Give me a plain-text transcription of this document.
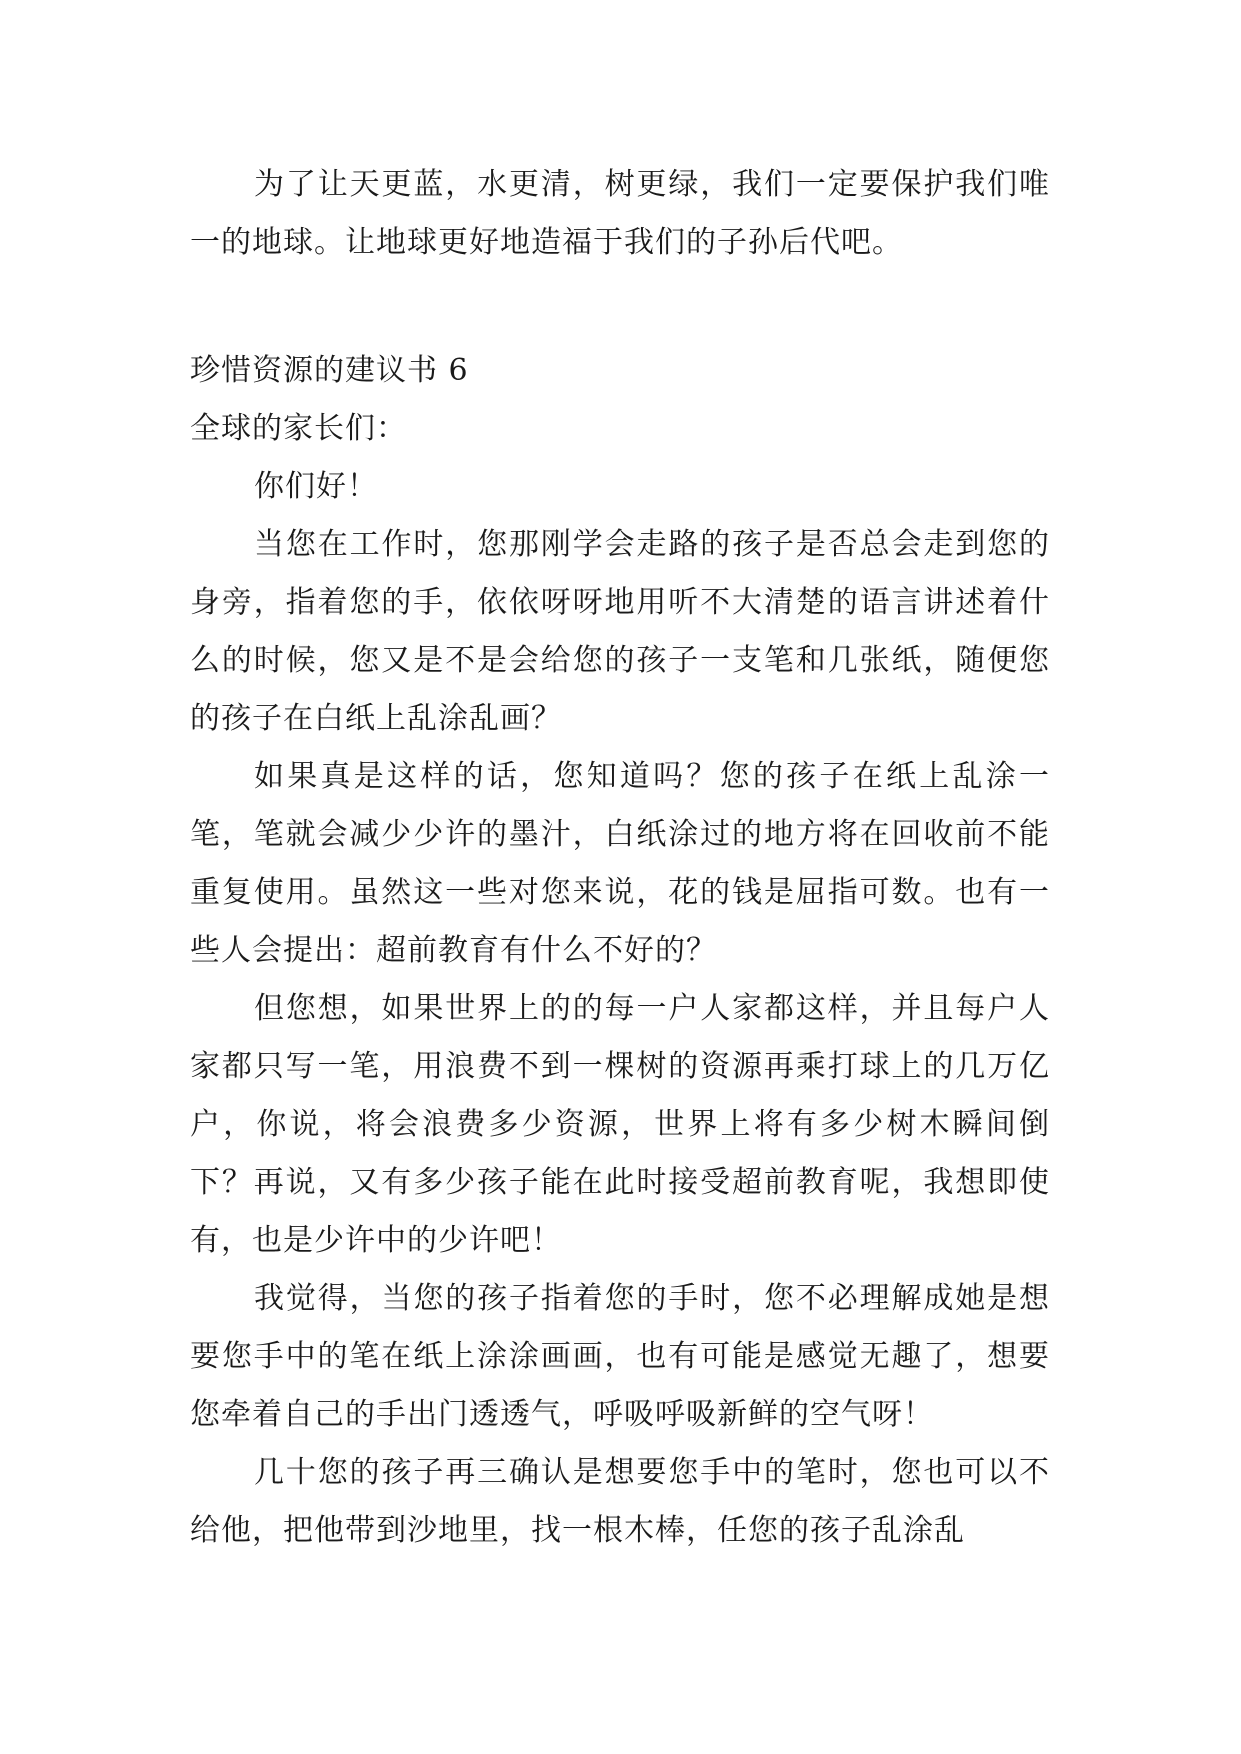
为了让天更蓝，水更清，树更绿，我们一定要保护我们唯一的地球。让地球更好地造福于我们的子孙后代吧。

珍惜资源的建议书 6

全球的家长们：

你们好！

当您在工作时，您那刚学会走路的孩子是否总会走到您的身旁，指着您的手，依依呀呀地用听不大清楚的语言讲述着什么的时候，您又是不是会给您的孩子一支笔和几张纸，随便您的孩子在白纸上乱涂乱画？

如果真是这样的话，您知道吗？您的孩子在纸上乱涂一笔，笔就会减少少许的墨汁，白纸涂过的地方将在回收前不能重复使用。虽然这一些对您来说，花的钱是屈指可数。也有一些人会提出：超前教育有什么不好的？

但您想，如果世界上的的每一户人家都这样，并且每户人家都只写一笔，用浪费不到一棵树的资源再乘打球上的几万亿户，你说，将会浪费多少资源，世界上将有多少树木瞬间倒下？再说，又有多少孩子能在此时接受超前教育呢，我想即使有，也是少许中的少许吧！

我觉得，当您的孩子指着您的手时，您不必理解成她是想要您手中的笔在纸上涂涂画画，也有可能是感觉无趣了，想要您牵着自己的手出门透透气，呼吸呼吸新鲜的空气呀！

几十您的孩子再三确认是想要您手中的笔时，您也可以不给他，把他带到沙地里，找一根木棒，任您的孩子乱涂乱
